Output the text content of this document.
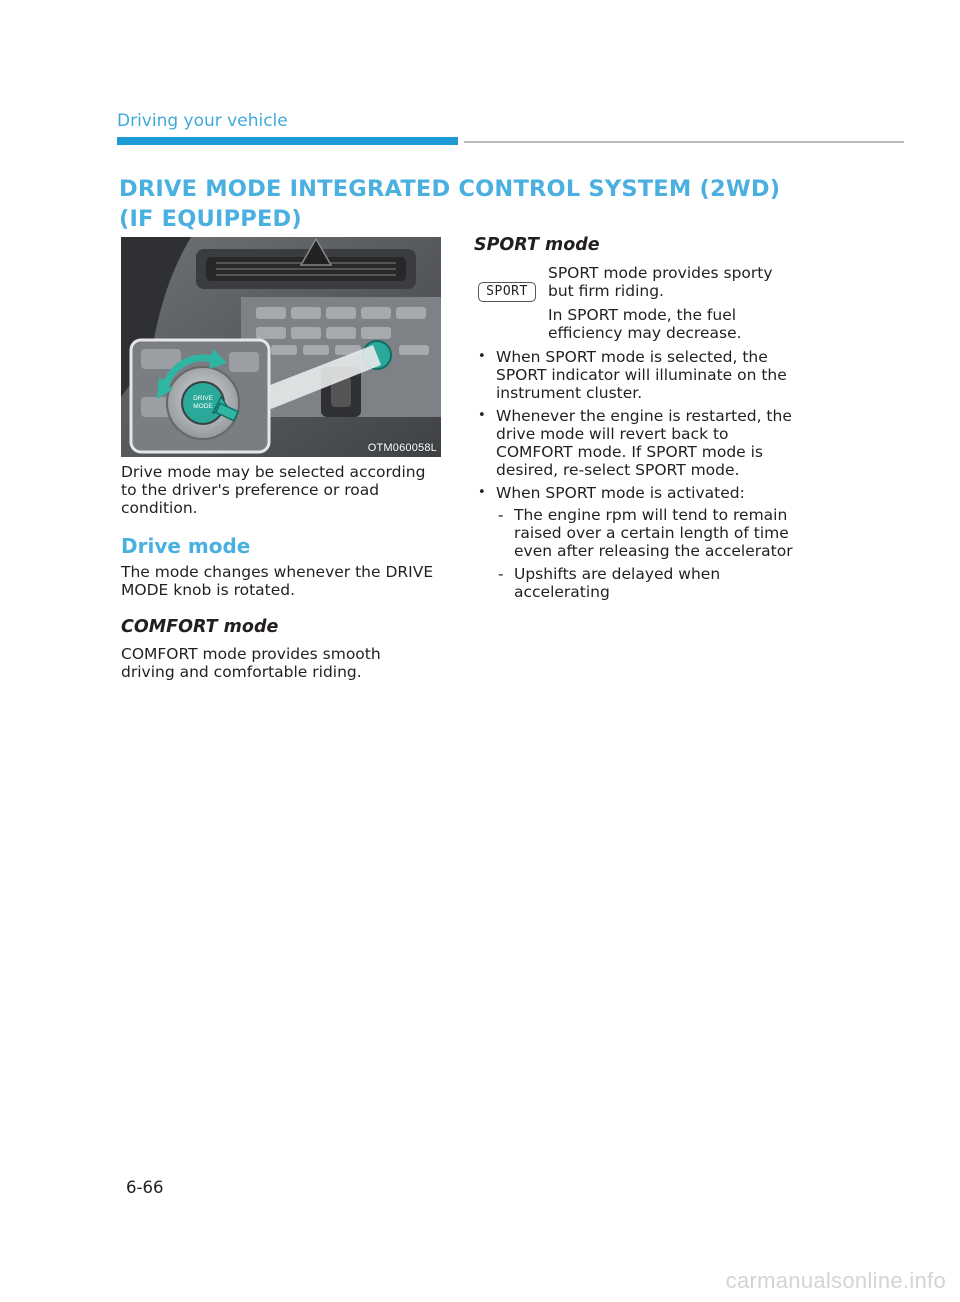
Driving your vehicle
DRIVE MODE INTEGRATED CONTROL SYSTEM (2WD)
(IF EQUIPPED)
DRIVE
MODE
OTM060058L
Drive mode may be selected according to the driver's preference or road condition.
Drive mode
The mode changes whenever the DRIVE MODE knob is rotated.
COMFORT mode
COMFORT mode provides smooth driving and comfortable riding.
SPORT mode
SPORT
SPORT mode provides sporty but firm riding.
In SPORT mode, the fuel efficiency may decrease.
• When SPORT mode is selected, the SPORT indicator will illuminate on the instrument cluster.
• Whenever the engine is restarted, the drive mode will revert back to COMFORT mode. If SPORT mode is desired, re-select SPORT mode.
• When SPORT mode is activated:
- The engine rpm will tend to remain raised over a certain length of time even after releasing the accelerator
- Upshifts are delayed when accelerating
6-66
carmanualsonline.info
